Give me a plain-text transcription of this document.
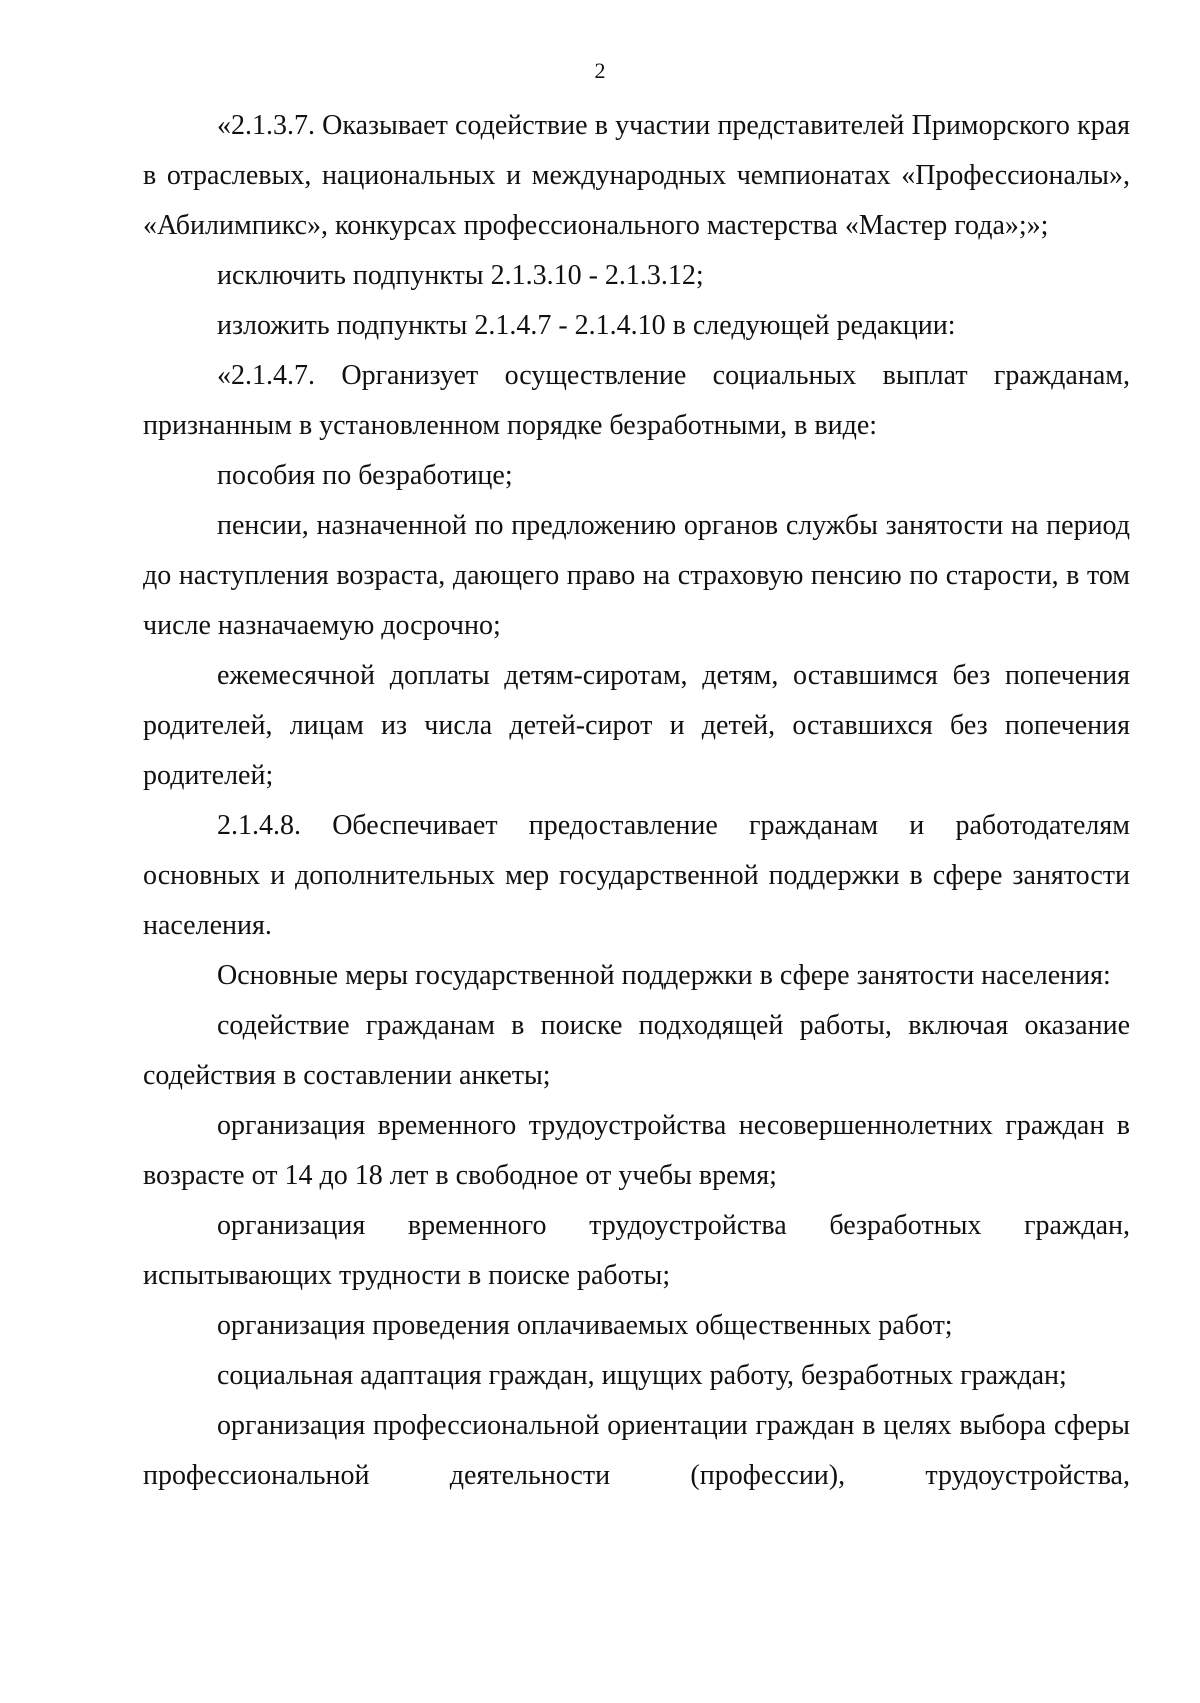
2

«2.1.3.7. Оказывает содействие в участии представителей Приморского края в отраслевых, национальных и международных чемпионатах «Профессионалы», «Абилимпикс», конкурсах профессионального мастерства «Мастер года»;»;

исключить подпункты 2.1.3.10 - 2.1.3.12;

изложить подпункты 2.1.4.7 - 2.1.4.10 в следующей редакции:

«2.1.4.7. Организует осуществление социальных выплат гражданам, признанным в установленном порядке безработными, в виде:

пособия по безработице;

пенсии, назначенной по предложению органов службы занятости на период до наступления возраста, дающего право на страховую пенсию по старости, в том числе назначаемую досрочно;

ежемесячной доплаты детям-сиротам, детям, оставшимся без попечения родителей, лицам из числа детей-сирот и детей, оставшихся без попечения родителей;

2.1.4.8. Обеспечивает предоставление гражданам и работодателям основных и дополнительных мер государственной поддержки в сфере занятости населения.

Основные меры государственной поддержки в сфере занятости населения:

содействие гражданам в поиске подходящей работы, включая оказание содействия в составлении анкеты;

организация временного трудоустройства несовершеннолетних граждан в возрасте от 14 до 18 лет в свободное от учебы время;

организация временного трудоустройства безработных граждан, испытывающих трудности в поиске работы;

организация проведения оплачиваемых общественных работ;

социальная адаптация граждан, ищущих работу, безработных граждан;

организация профессиональной ориентации граждан в целях выбора сферы профессиональной деятельности (профессии), трудоустройства,
